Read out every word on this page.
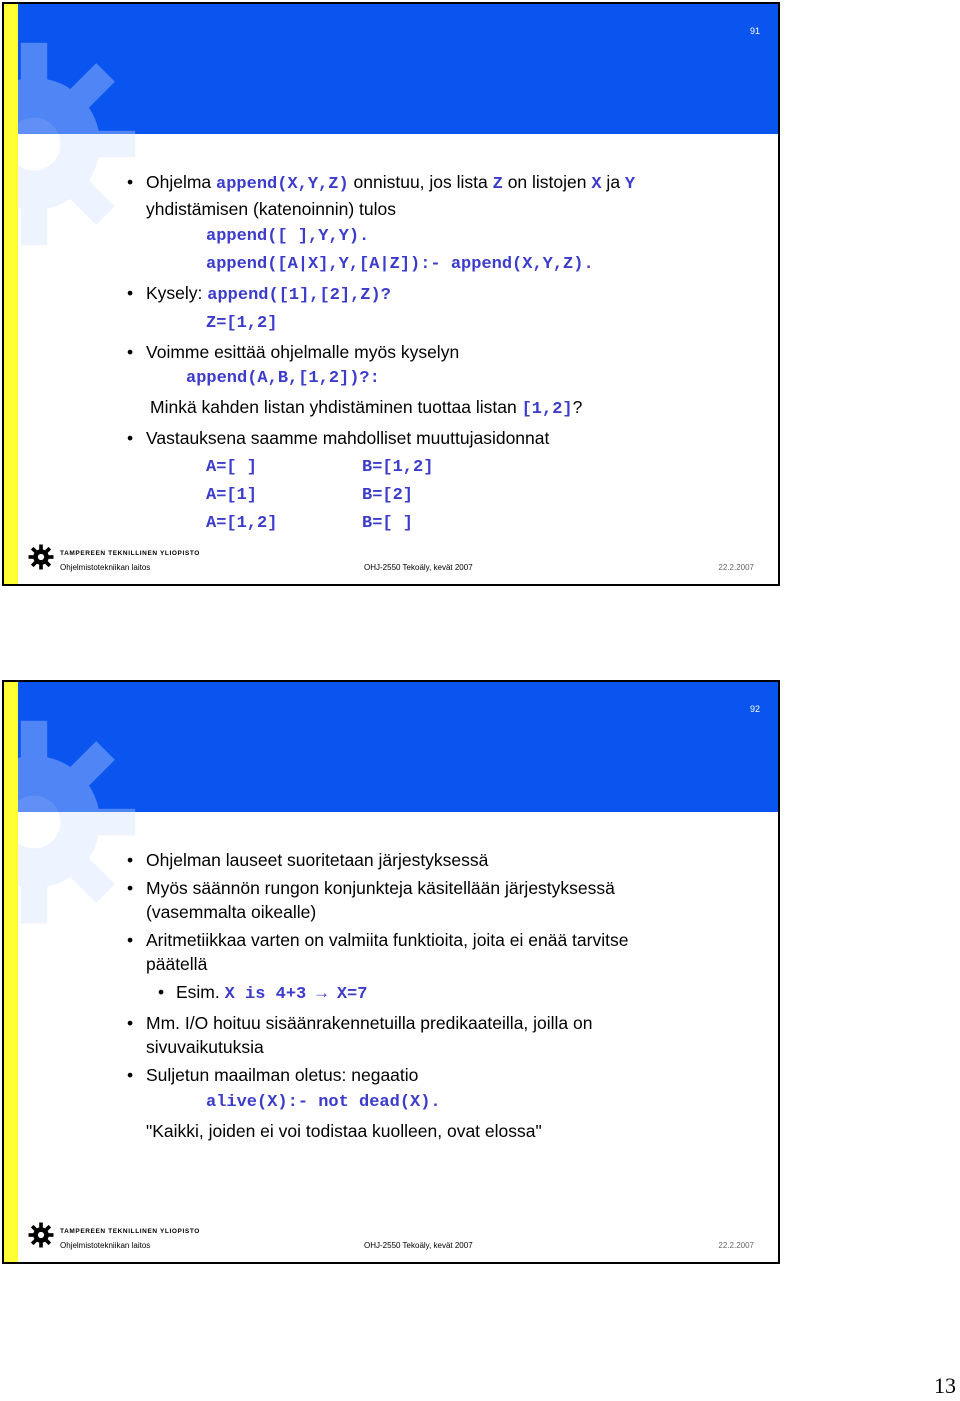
91
• Ohjelma append(X,Y,Z) onnistuu, jos lista Z on listojen X ja Y
yhdistämisen (katenoinnin) tulos
append([ ],Y,Y).
append([A|X],Y,[A|Z]):- append(X,Y,Z).
• Kysely: append([1],[2],Z)?
Z=[1,2]
• Voimme esittää ohjelmalle myös kyselyn
append(A,B,[1,2])?:
Minkä kahden listan yhdistäminen tuottaa listan [1,2]?
• Vastauksena saamme mahdolliset muuttujasidonnat
A=[ ]	B=[1,2]
A=[1]	B=[2]
A=[1,2]	B=[ ]
TAMPEREEN TEKNILLINEN YLIOPISTO
Ohjelmistotekniikan laitos	OHJ-2550 Tekoäly, kevät 2007	22.2.2007
92
• Ohjelman lauseet suoritetaan järjestyksessä
• Myös säännön rungon konjunkteja käsitellään järjestyksessä
(vasemmalta oikealle)
• Aritmetiikkaa varten on valmiita funktioita, joita ei enää tarvitse
päätellä
• Esim. X is 4+3 → X=7
• Mm. I/O hoituu sisäänrakennetuilla predikaateilla, joilla on
sivuvaikutuksia
• Suljetun maailman oletus: negaatio
alive(X):- not dead(X).
"Kaikki, joiden ei voi todistaa kuolleen, ovat elossa"
TAMPEREEN TEKNILLINEN YLIOPISTO
Ohjelmistotekniikan laitos	OHJ-2550 Tekoäly, kevät 2007	22.2.2007
13
